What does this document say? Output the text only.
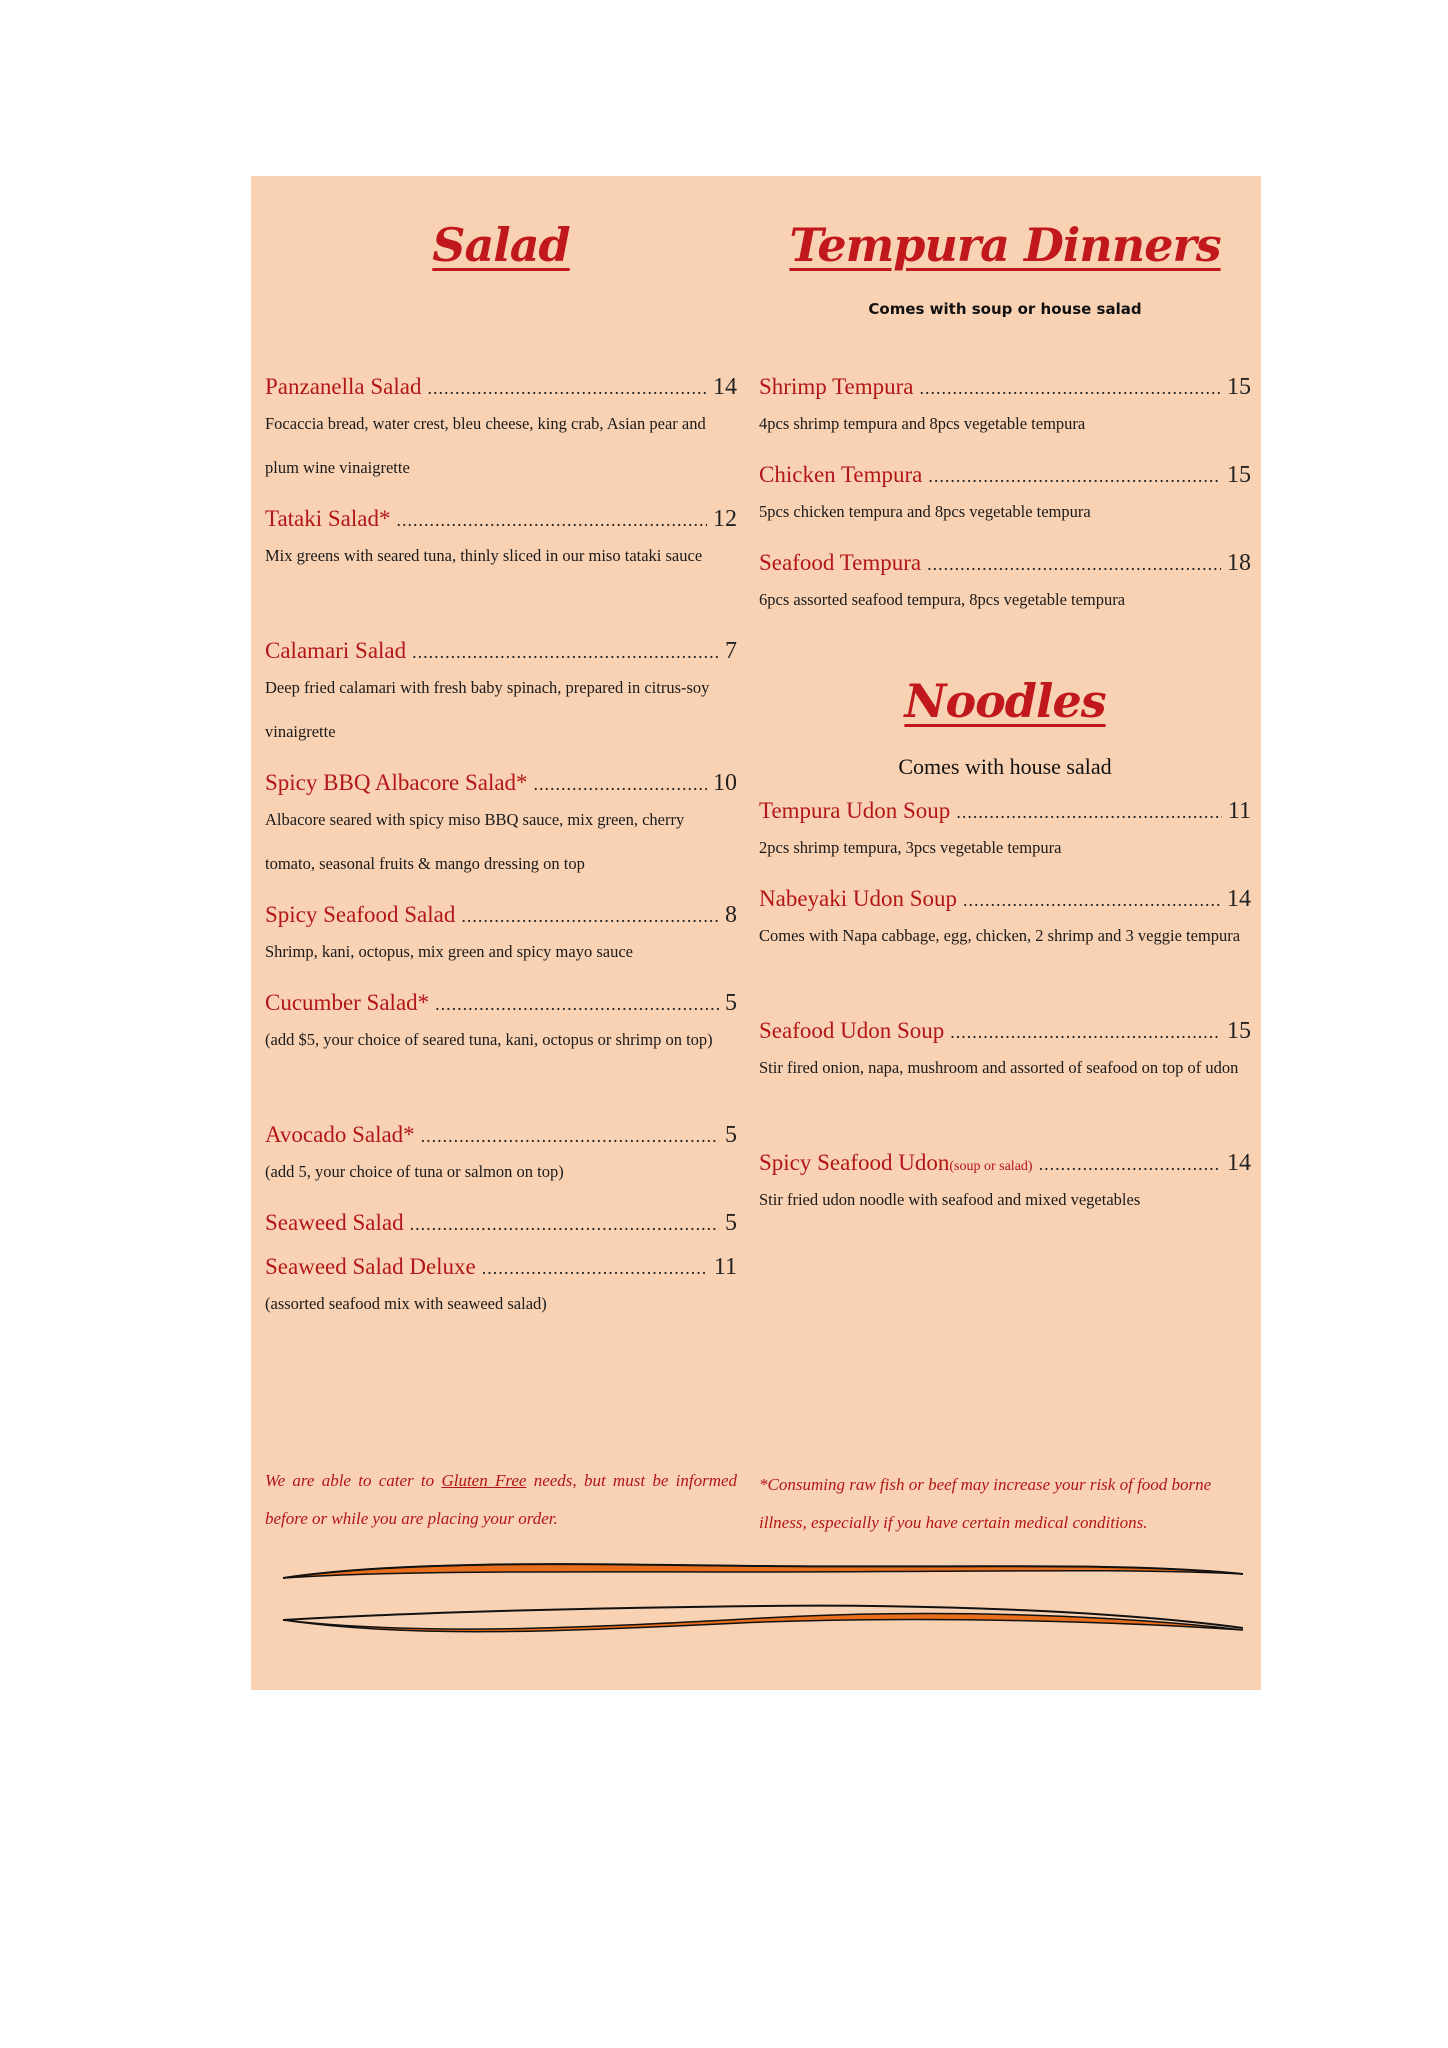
Salad
Panzanella Salad .....	14

Focaccia bread, water crest, bleu cheese, king crab, Asian pear and plum wine vinaigrette

Tataki Salad* .....	12

Mix greens with seared tuna, thinly sliced in our miso tataki sauce

Calamari Salad .....	7

Deep fried calamari with fresh baby spinach, prepared in citrus-soy vinaigrette

Spicy BBQ Albacore Salad* .....	10

Albacore seared with spicy miso BBQ sauce, mix green, cherry tomato, seasonal fruits & mango dressing on top

Spicy Seafood Salad .....	8

Shrimp, kani, octopus, mix green and spicy mayo sauce

Cucumber Salad* .....	5

(add $5, your choice of seared tuna, kani, octopus or shrimp on top)

Avocado Salad* .....	5

(add 5, your choice of tuna or salmon on top)

Seaweed Salad .....	5
Seaweed Salad Deluxe .....	11

(assorted seafood mix with seaweed salad)

Tempura Dinners

Comes with soup or house salad

Shrimp Tempura .....	15

4pcs shrimp tempura and 8pcs vegetable tempura

Chicken Tempura .....	15

5pcs chicken tempura and 8pcs vegetable tempura

Seafood Tempura .....	18

6pcs assorted seafood tempura, 8pcs vegetable tempura

Noodles

Comes with house salad

Tempura Udon Soup .....	11

2pcs shrimp tempura, 3pcs vegetable tempura

Nabeyaki Udon Soup .....	14

Comes with Napa cabbage, egg, chicken, 2 shrimp and 3 veggie tempura

Seafood Udon Soup .....	15

Stir fired onion, napa, mushroom and assorted of seafood on top of udon

Spicy Seafood Udon (soup or salad) .....	14

Stir fried udon noodle with seafood and mixed vegetables

We are able to cater to Gluten Free needs, but must be informed before or while you are placing your order.

*Consuming raw fish or beef may increase your risk of food borne illness, especially if you have certain medical conditions.
